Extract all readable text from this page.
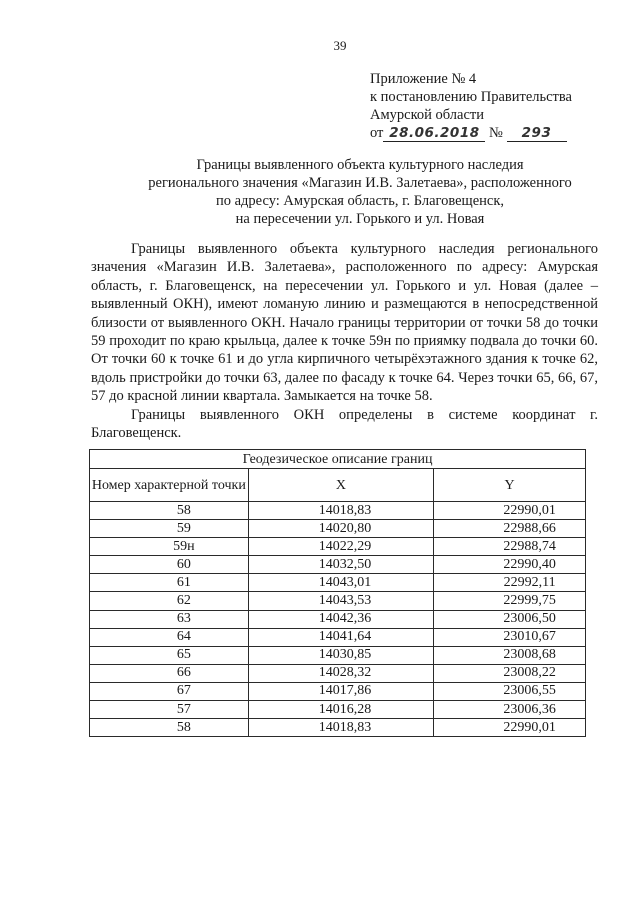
39
Приложение № 4
к постановлению Правительства
Амурской области
от 28.06.2018 № 293
Границы выявленного объекта культурного наследия
регионального значения «Магазин И.В. Залетаева», расположенного
по адресу: Амурская область, г. Благовещенск,
на пересечении ул. Горького и ул. Новая

Границы выявленного объекта культурного наследия регионального значения «Магазин И.В. Залетаева», расположенного по адресу: Амурская область, г. Благовещенск, на пересечении ул. Горького и ул. Новая (далее – выявленный ОКН), имеют ломаную линию и размещаются в непосредственной близости от выявленного ОКН. Начало границы территории от точки 58 до точки 59 проходит по краю крыльца, далее к точке 59н по приямку подвала до точки 60. От точки 60 к точке 61 и до угла кирпичного четырёхэтажного здания к точке 62, вдоль пристройки до точки 63, далее по фасаду к точке 64. Через точки 65, 66, 67, 57 до красной линии квартала. Замыкается на точке 58.

Границы выявленного ОКН определены в системе координат г. Благовещенск.

Геодезическое описание границ		
Номер характерной точки	X	Y
58	14018,83	22990,01
59	14020,80	22988,66
59н	14022,29	22988,74
60	14032,50	22990,40
61	14043,01	22992,11
62	14043,53	22999,75
63	14042,36	23006,50
64	14041,64	23010,67
65	14030,85	23008,68
66	14028,32	23008,22
67	14017,86	23006,55
57	14016,28	23006,36
58	14018,83	22990,01
